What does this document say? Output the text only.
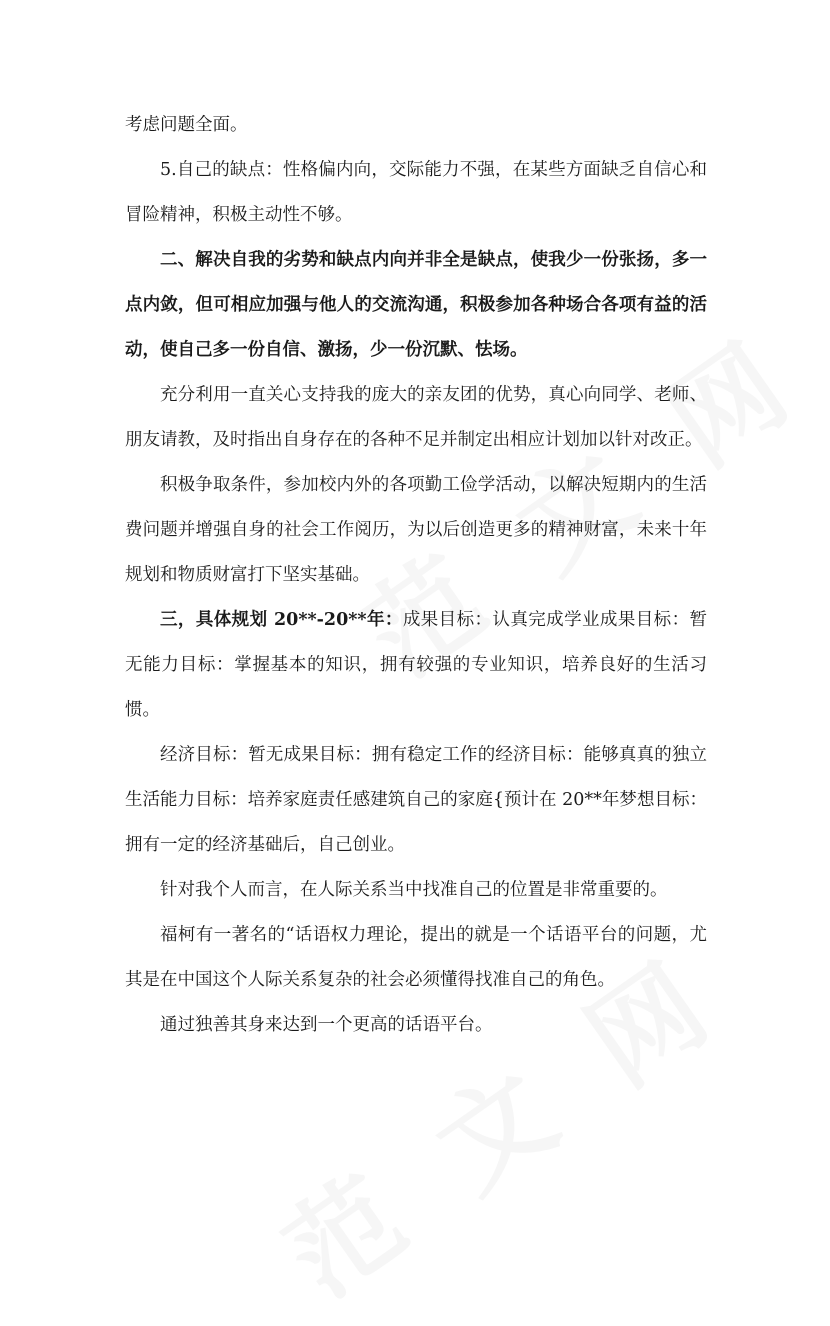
考虑问题全面。

5.自己的缺点：性格偏内向，交际能力不强，在某些方面缺乏自信心和冒险精神，积极主动性不够。

二、解决自我的劣势和缺点内向并非全是缺点，使我少一份张扬，多一点内敛，但可相应加强与他人的交流沟通，积极参加各种场合各项有益的活动，使自己多一份自信、激扬，少一份沉默、怯场。

充分利用一直关心支持我的庞大的亲友团的优势，真心向同学、老师、朋友请教，及时指出自身存在的各种不足并制定出相应计划加以针对改正。

积极争取条件，参加校内外的各项勤工俭学活动，以解决短期内的生活费问题并增强自身的社会工作阅历，为以后创造更多的精神财富，未来十年规划和物质财富打下坚实基础。

三，具体规划 20**-20**年：成果目标：认真完成学业成果目标：暂无能力目标：掌握基本的知识，拥有较强的专业知识，培养良好的生活习惯。

经济目标：暂无成果目标：拥有稳定工作的经济目标：能够真真的独立生活能力目标：培养家庭责任感建筑自己的家庭{预计在 20**年梦想目标：拥有一定的经济基础后，自己创业。

针对我个人而言，在人际关系当中找准自己的位置是非常重要的。

福柯有一著名的“话语权力理论，提出的就是一个话语平台的问题，尤其是在中国这个人际关系复杂的社会必须懂得找准自己的角色。

通过独善其身来达到一个更高的话语平台。
